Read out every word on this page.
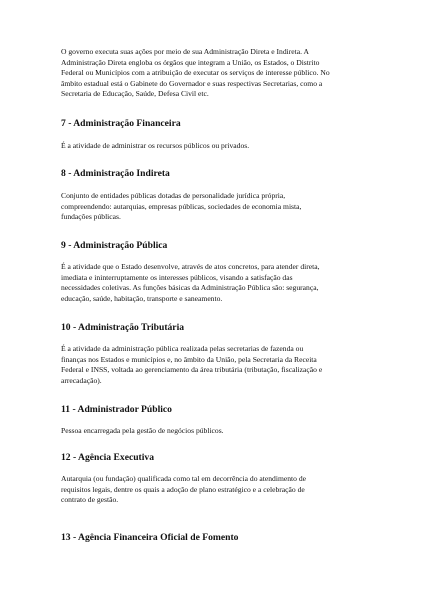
O governo executa suas ações por meio de sua Administração Direta e Indireta. A
Administração Direta engloba os órgãos que integram a União, os Estados, o Distrito
Federal ou Municípios com a atribuição de executar os serviços de interesse público. No
âmbito estadual está o Gabinete do Governador e suas respectivas Secretarias, como a
Secretaria de Educação, Saúde, Defesa Civil etc.

7 - Administração Financeira

É a atividade de administrar os recursos públicos ou privados.

8 - Administração Indireta

Conjunto de entidades públicas dotadas de personalidade jurídica própria,
compreendendo: autarquias, empresas públicas, sociedades de economia mista,
fundações públicas.

9 - Administração Pública

É a atividade que o Estado desenvolve, através de atos concretos, para atender direta,
imediata e ininterruptamente os interesses públicos, visando a satisfação das
necessidades coletivas. As funções básicas da Administração Pública são: segurança,
educação, saúde, habitação, transporte e saneamento.

10 - Administração Tributária

É a atividade da administração pública realizada pelas secretarias de fazenda ou
finanças nos Estados e municípios e, no âmbito da União, pela Secretaria da Receita
Federal e INSS, voltada ao gerenciamento da área tributária (tributação, fiscalização e
arrecadação).

11 - Administrador Público

Pessoa encarregada pela gestão de negócios públicos.

12 - Agência Executiva

Autarquia (ou fundação) qualificada como tal em decorrência do atendimento de
requisitos legais, dentre os quais a adoção de plano estratégico e a celebração de
contrato de gestão.

13 - Agência Financeira Oficial de Fomento
